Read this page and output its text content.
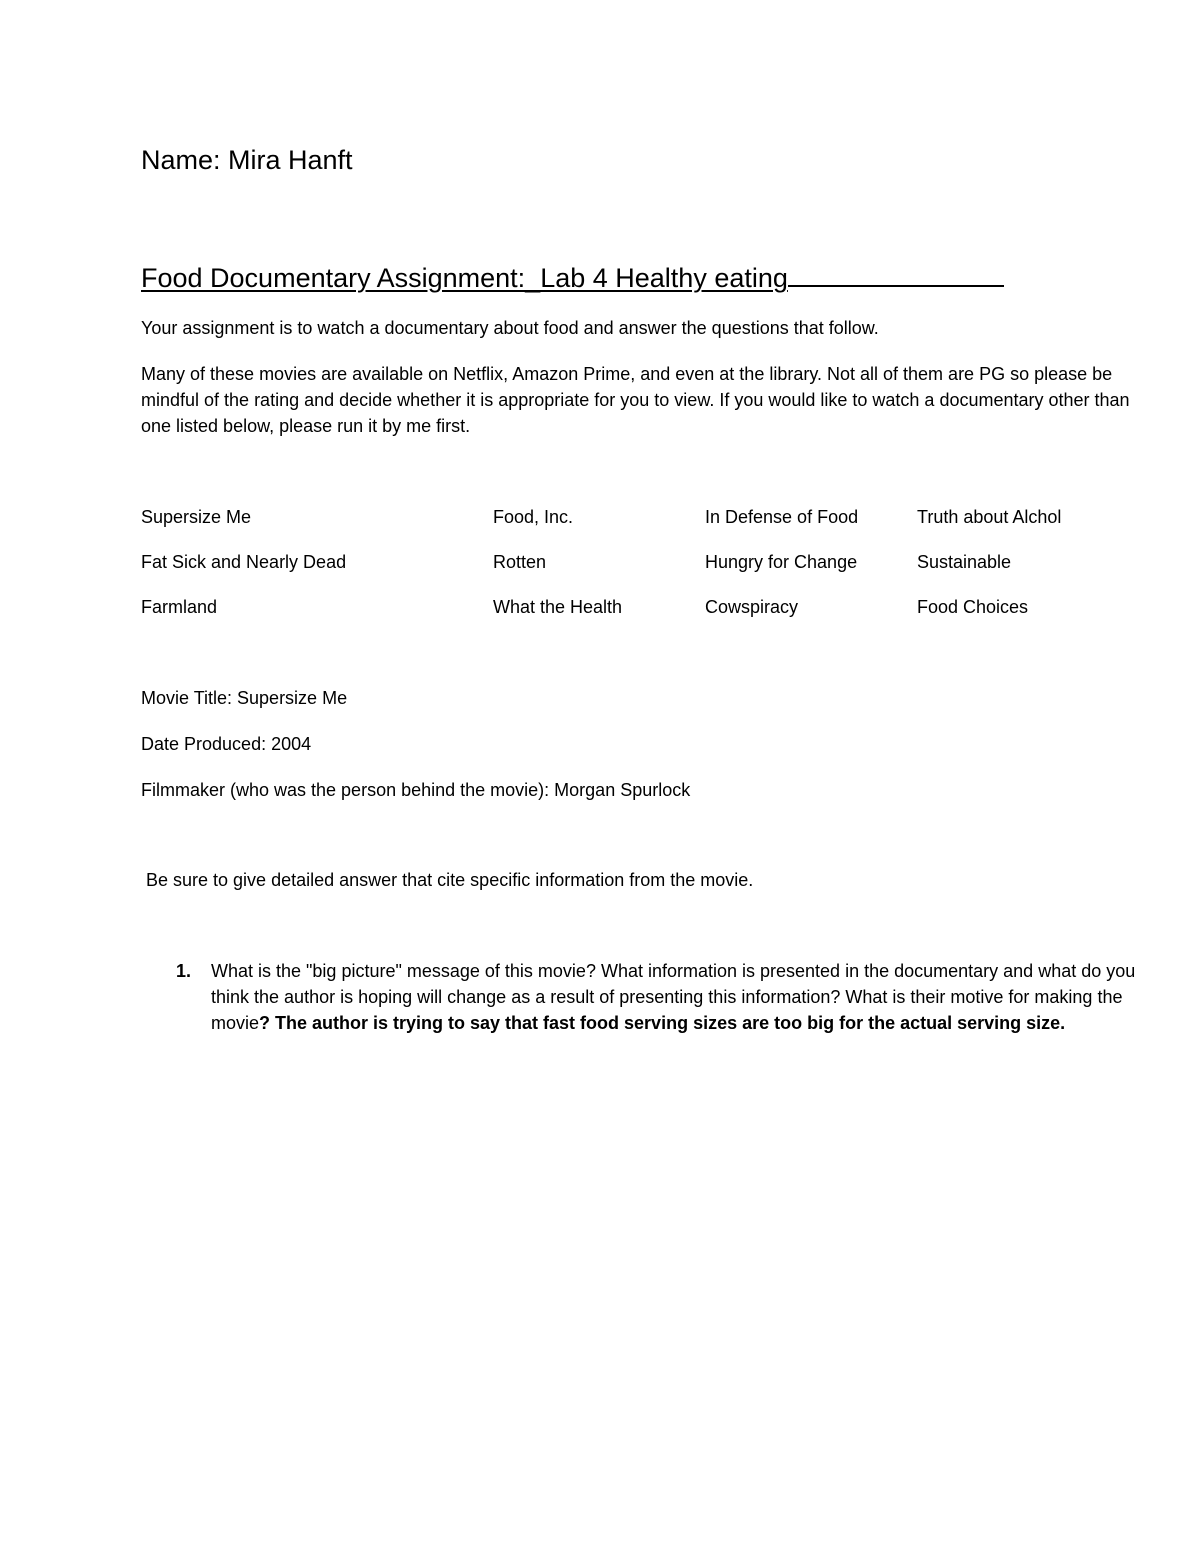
Name: Mira Hanft
Food Documentary Assignment:_Lab 4 Healthy eating
Your assignment is to watch a documentary about food and answer the questions that follow.
Many of these movies are available on Netflix, Amazon Prime, and even at the library. Not all of them are PG so please be mindful of the rating and decide whether it is appropriate for you to view. If you would like to watch a documentary other than one listed below, please run it by me first.
Supersize Me	Food, Inc.	In Defense of Food	Truth about Alchol
Fat Sick and Nearly Dead	Rotten	Hungry for Change	Sustainable
Farmland	What the Health	Cowspiracy	Food Choices
Movie Title: Supersize Me
Date Produced: 2004
Filmmaker (who was the person behind the movie): Morgan Spurlock
Be sure to give detailed answer that cite specific information from the movie.
1. What is the "big picture" message of this movie? What information is presented in the documentary and what do you think the author is hoping will change as a result of presenting this information? What is their motive for making the movie? The author is trying to say that fast food serving sizes are too big for the actual serving size.
